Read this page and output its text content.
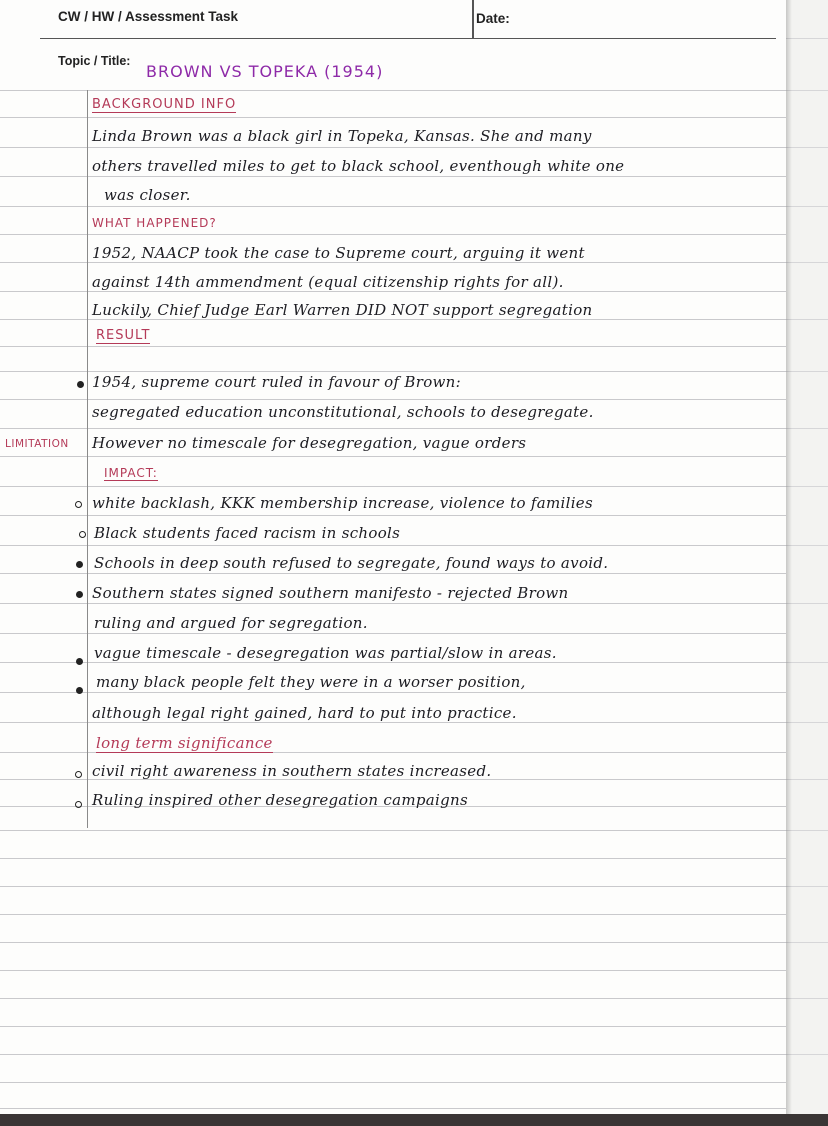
CW / HW / Assessment Task	Date:
Topic / Title:
BROWN VS TOPEKA (1954)
BACKGROUND INFO
Linda Brown was a black girl in Topeka, Kansas. She and many
others travelled miles to get to black school, eventhough white one
was closer.
WHAT HAPPENED?
1952, NAACP took the case to Supreme court, arguing it went
against 14th ammendment (equal citizenship rights for all).
Luckily, Chief Judge Earl Warren DID NOT support segregation
RESULT
1954, supreme court ruled in favour of Brown:
segregated education unconstitutional, schools to desegregate.
LIMITATION However no timescale for desegregation, vague orders
IMPACT:
white backlash, KKK membership increase, violence to families
Black students faced racism in schools
Schools in deep south refused to segregate, found ways to avoid.
Southern states signed southern manifesto - rejected Brown
ruling and argued for segregation.
vague timescale - desegregation was partial/slow in areas.
many black people felt they were in a worser position,
although legal right gained, hard to put into practice.
long term significance
civil right awareness in southern states increased.
Ruling inspired other desegregation campaigns
